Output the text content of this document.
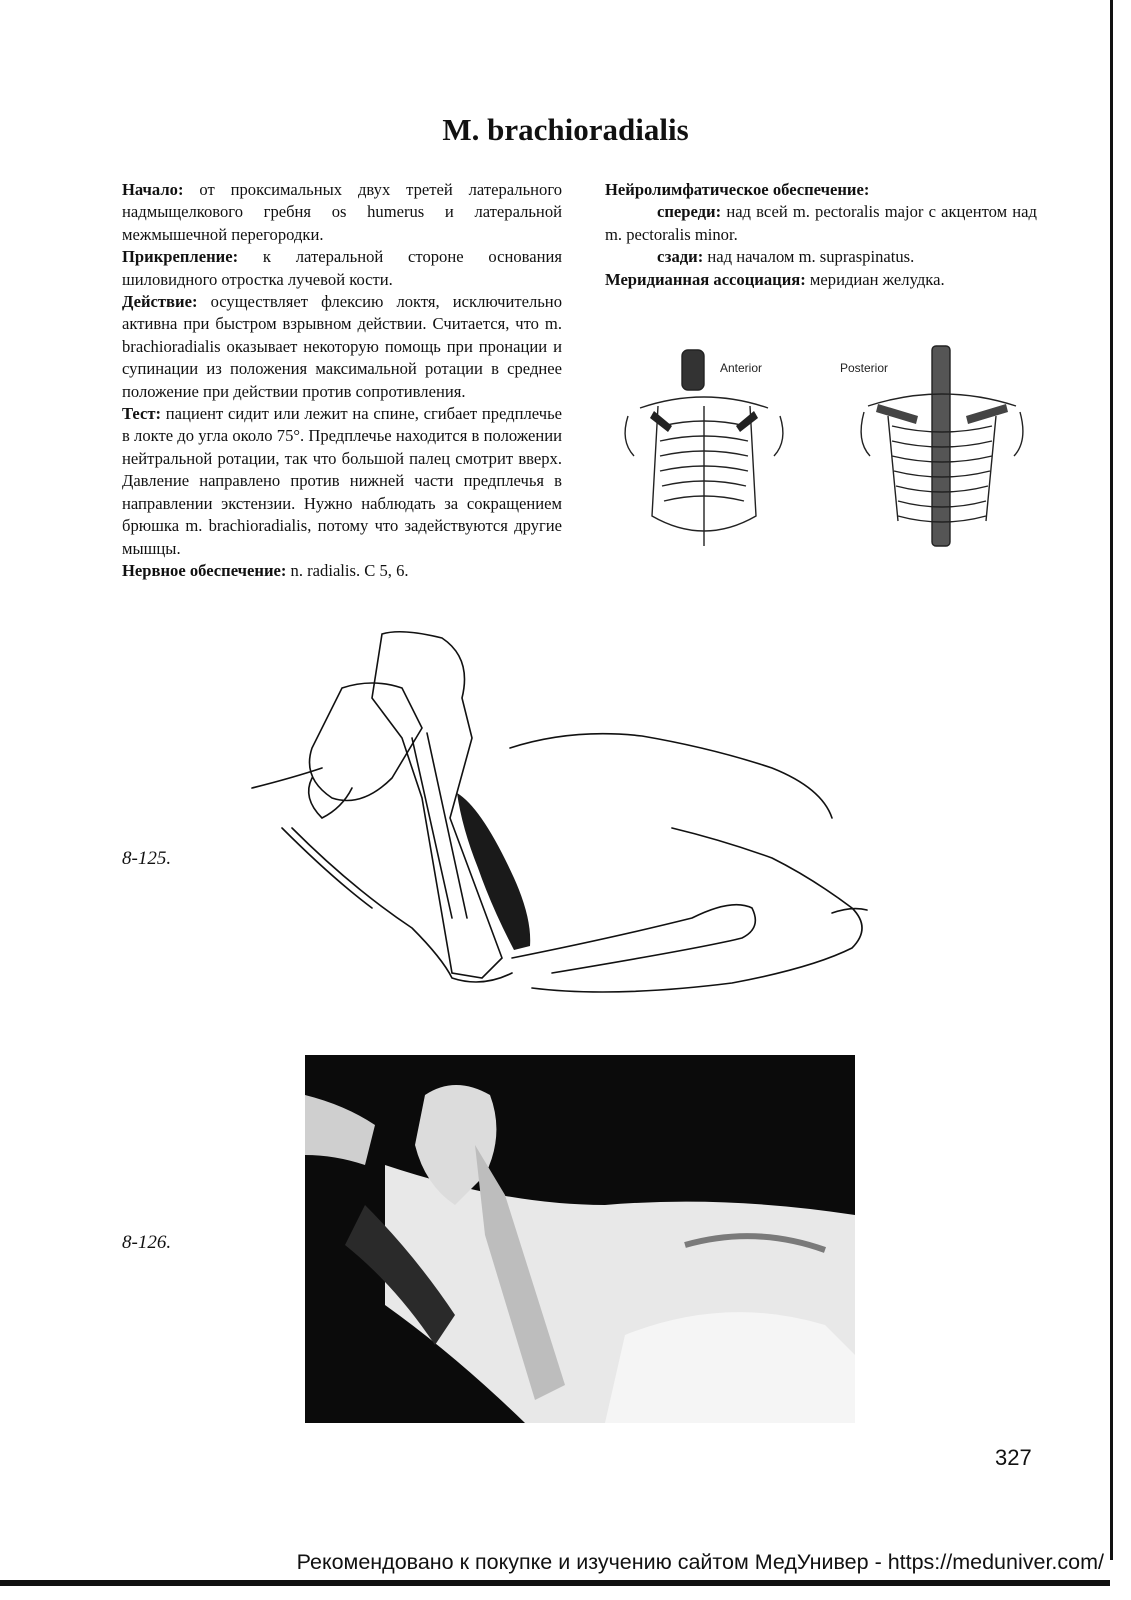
M. brachioradialis

Начало: от проксимальных двух третей латерального надмыщелкового гребня os humerus и латеральной межмышечной перегородки.

Прикрепление: к латеральной стороне основания шиловидного отростка лучевой кости.

Действие: осуществляет флексию локтя, исключительно активна при быстром взрывном действии. Считается, что m. brachioradialis оказывает некоторую помощь при пронации и супинации из положения максимальной ротации в среднее положение при действии против сопротивления.

Тест: пациент сидит или лежит на спине, сгибает предплечье в локте до угла около 75°. Предплечье находится в положении нейтральной ротации, так что большой палец смотрит вверх. Давление направлено против нижней части предплечья в направлении экстензии. Нужно наблюдать за сокращением брюшка m. brachioradialis, потому что задействуются другие мышцы.

Нервное обеспечение: n. radialis. C 5, 6.

Нейролимфатическое обеспечение:

спереди: над всей m. pectoralis major с акцентом над m. pectoralis minor.

сзади: над началом m. supraspinatus.

Меридианная ассоциация: меридиан желудка.

Anterior	Posterior
8-125.
8-126.
327
Рекомендовано к покупке и изучению сайтом МедУнивер - https://meduniver.com/
